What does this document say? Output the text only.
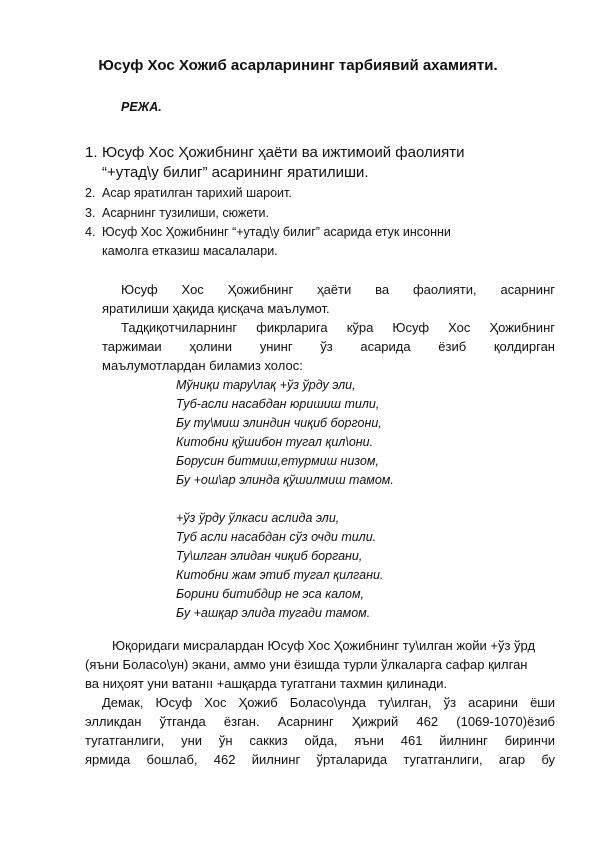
Юсуф Хос Хожиб асарларининг тарбиявий ахамияти.
РЕЖА.
1. Юсуф Хос Ҳожибнинг ҳаёти ва ижтимоий фаолияти
“+утад\у билиг” асарининг яратилиши.
2. Асар яратилган тарихий шароит.
3. Асарнинг тузилиши, сюжети.
4. Юсуф Хос Ҳожибнинг “+утад\у билиг” асарида етук инсонни
камолга етказиш масалалари.
Юсуф Хос Ҳожибнинг ҳаёти ва фаолияти, асарнинг
яратилиши ҳақида қисқача маълумот.
Тадқиқотчиларнинг фикрларига кўра Юсуф Хос Ҳожибнинг
таржимаи ҳолини унинг ўз асарида ёзиб қолдирган
маълумотлардан биламиз холос:
Мўниқи тару\лақ +ўз ўрду эли,
Туб-асли насабдан юришиш тили,
Бу ту\миш элиндин чиқиб боргони,
Китобни қўшибон тугал қил\они.
Борусин битмиш,етурмиш низом,
Бу +ош\ар элинда қўшилмиш тамом.
+ўз ўрду ўлкаси аслида эли,
Туб асли насабдан сўз очди тили.
Ту\илган элидан чиқиб боргани,
Китобни жам этиб тугал қилгани.
Борини битибдир не эса калом,
Бу +ашқар элида тугади тамом.
Юқоридаги мисралардан Юсуф Хос Ҳожибнинг ту\илган жойи +ўз ўрд
(яъни Боласо\ун) экани, аммо уни ёзишда турли ўлкаларга сафар қилган
ва ниҳоят уни ватанıı +ашқарда тугатгани тахмин қилинади.
Демак, Юсуф Хос Ҳожиб Боласо\унда ту\илган, ўз асарини ёши
элликдан ўтганда ёзган. Асарнинг Ҳижрий 462 (1069-1070)ёзиб
тугатганлиги, уни ўн саккиз ойда, яъни 461 йилнинг биринчи
ярмида бошлаб, 462 йилнинг ўрталарида тугатганлиги, агар бу
